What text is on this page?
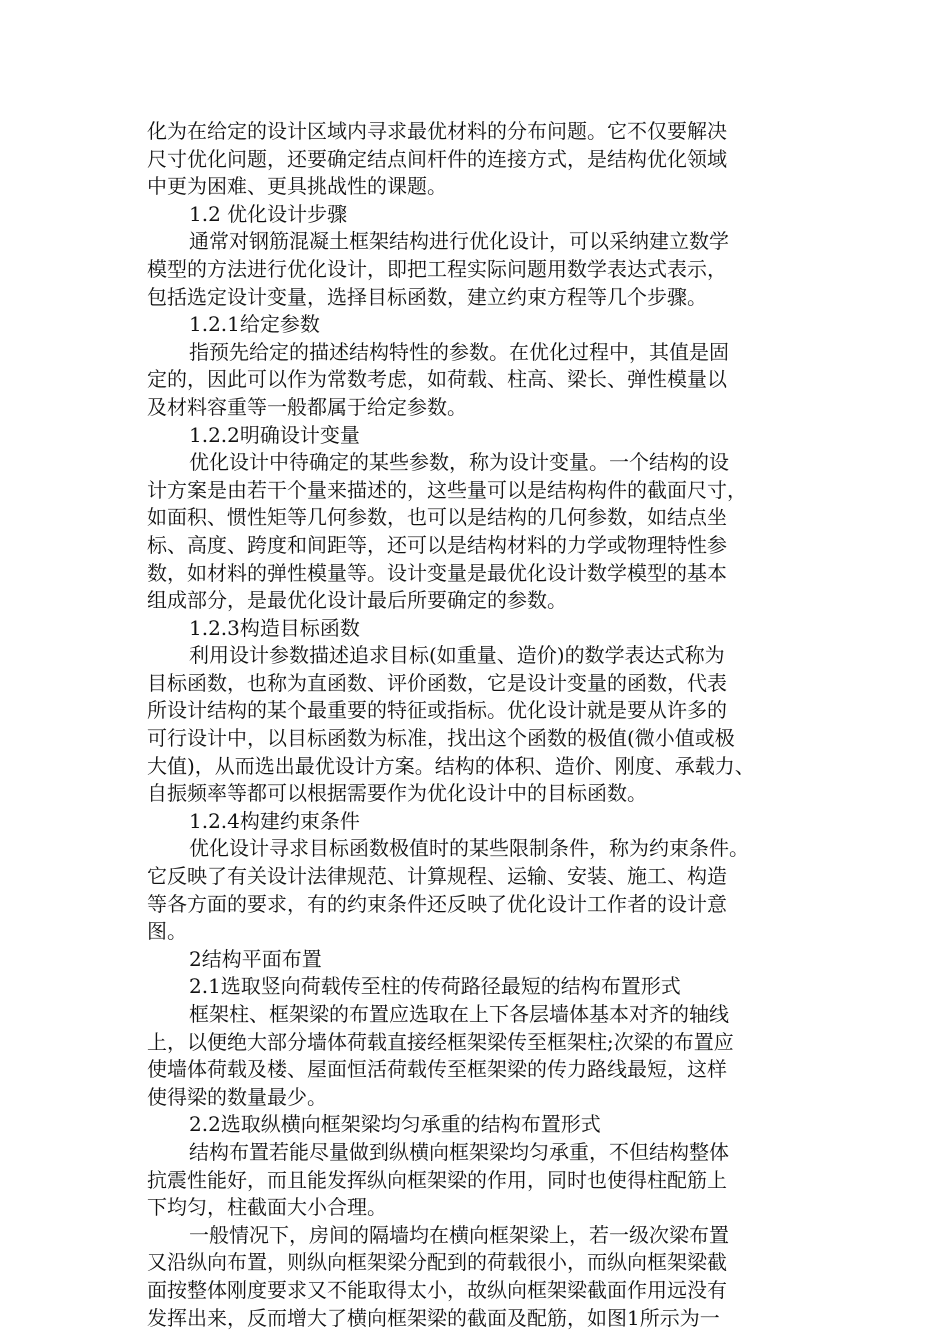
化为在给定的设计区域内寻求最优材料的分布问题。它不仅要解决
尺寸优化问题，还要确定结点间杆件的连接方式，是结构优化领域
中更为困难、更具挑战性的课题。
1.2 优化设计步骤
通常对钢筋混凝土框架结构进行优化设计，可以采纳建立数学
模型的方法进行优化设计，即把工程实际问题用数学表达式表示，
包括选定设计变量，选择目标函数，建立约束方程等几个步骤。
1.2.1给定参数
指预先给定的描述结构特性的参数。在优化过程中，其值是固
定的，因此可以作为常数考虑，如荷载、柱高、梁长、弹性模量以
及材料容重等一般都属于给定参数。
1.2.2明确设计变量
优化设计中待确定的某些参数，称为设计变量。一个结构的设
计方案是由若干个量来描述的，这些量可以是结构构件的截面尺寸，
如面积、惯性矩等几何参数，也可以是结构的几何参数，如结点坐
标、高度、跨度和间距等，还可以是结构材料的力学或物理特性参
数，如材料的弹性模量等。设计变量是最优化设计数学模型的基本
组成部分，是最优化设计最后所要确定的参数。
1.2.3构造目标函数
利用设计参数描述追求目标(如重量、造价)的数学表达式称为
目标函数，也称为直函数、评价函数，它是设计变量的函数，代表
所设计结构的某个最重要的特征或指标。优化设计就是要从许多的
可行设计中，以目标函数为标准，找出这个函数的极值(微小值或极
大值)，从而选出最优设计方案。结构的体积、造价、刚度、承载力、
自振频率等都可以根据需要作为优化设计中的目标函数。
1.2.4构建约束条件
优化设计寻求目标函数极值时的某些限制条件，称为约束条件。
它反映了有关设计法律规范、计算规程、运输、安装、施工、构造
等各方面的要求，有的约束条件还反映了优化设计工作者的设计意
图。
2结构平面布置
2.1选取竖向荷载传至柱的传荷路径最短的结构布置形式
框架柱、框架梁的布置应选取在上下各层墙体基本对齐的轴线
上，以便绝大部分墙体荷载直接经框架梁传至框架柱;次梁的布置应
使墙体荷载及楼、屋面恒活荷载传至框架梁的传力路线最短，这样
使得梁的数量最少。
2.2选取纵横向框架梁均匀承重的结构布置形式
结构布置若能尽量做到纵横向框架梁均匀承重，不但结构整体
抗震性能好，而且能发挥纵向框架梁的作用，同时也使得柱配筋上
下均匀，柱截面大小合理。
一般情况下，房间的隔墙均在横向框架梁上，若一级次梁布置
又沿纵向布置，则纵向框架梁分配到的荷载很小，而纵向框架梁截
面按整体刚度要求又不能取得太小，故纵向框架梁截面作用远没有
发挥出来，反而增大了横向框架梁的截面及配筋，如图1所示为一
